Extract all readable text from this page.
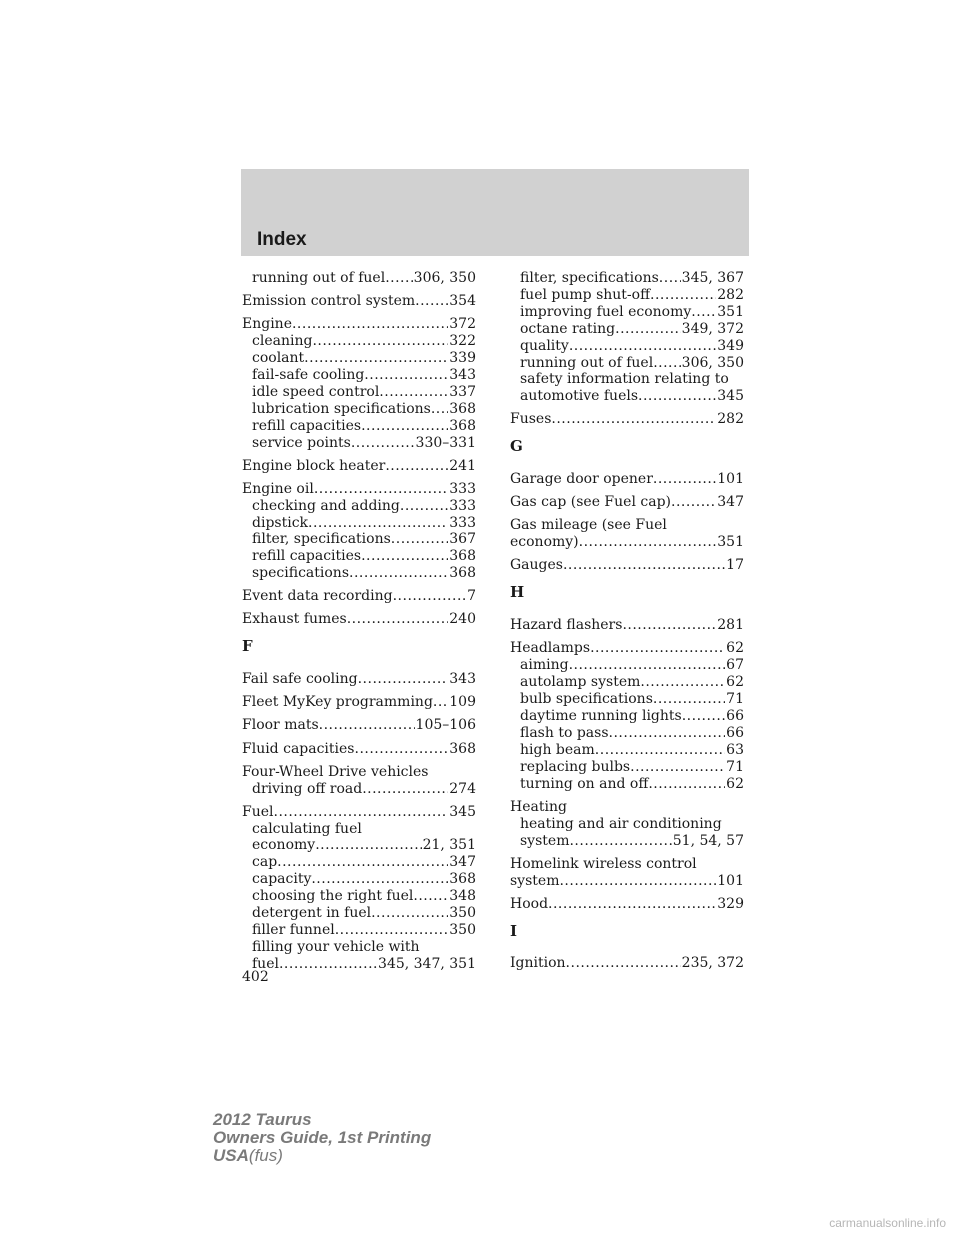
Index
running out of fuel ..... 306, 350
Emission control system ..... 354
Engine .....	372
cleaning .....	322
coolant .....	339
fail-safe cooling .....	343
idle speed control .....	337
lubrication specifications ..... 368
refill capacities .....	368
service points .....	330–331
Engine block heater .....	241
Engine oil .....	333
checking and adding .....	333
dipstick .....	333
filter, specifications .....	367
refill capacities .....	368
specifications .....	368
Event data recording .....	7
Exhaust fumes .....	240
F
Fail safe cooling .....	343
Fleet MyKey programming ..... 109
Floor mats .....	105–106
Fluid capacities .....	368
Four-Wheel Drive vehicles
driving off road .....	274
Fuel .....	345
calculating fuel
economy .....	21, 351
cap .....	347
capacity .....	368
choosing the right fuel .....	348
detergent in fuel .....	350
filler funnel .....	350
filling your vehicle with
fuel .....	345, 347, 351
filter, specifications ..... 345, 367
fuel pump shut-off .....	282
improving fuel economy ..... 351
octane rating .....	349, 372
quality .....	349
running out of fuel ..... 306, 350
safety information relating to
automotive fuels .....	345
Fuses .....	282
G
Garage door opener .....	101
Gas cap (see Fuel cap) .....	347
Gas mileage (see Fuel
economy) .....	351
Gauges .....	17
H
Hazard flashers .....	281
Headlamps .....	62
aiming .....	67
autolamp system .....	62
bulb specifications .....	71
daytime running lights .....	66
flash to pass .....	66
high beam .....	63
replacing bulbs .....	71
turning on and off .....	62
Heating
heating and air conditioning
system .....	51, 54, 57
Homelink wireless control
system .....	101
Hood .....	329
I
Ignition .....	235, 372
402
2012 Taurus
Owners Guide, 1st Printing
USA(fus)
carmanualsonline.info
